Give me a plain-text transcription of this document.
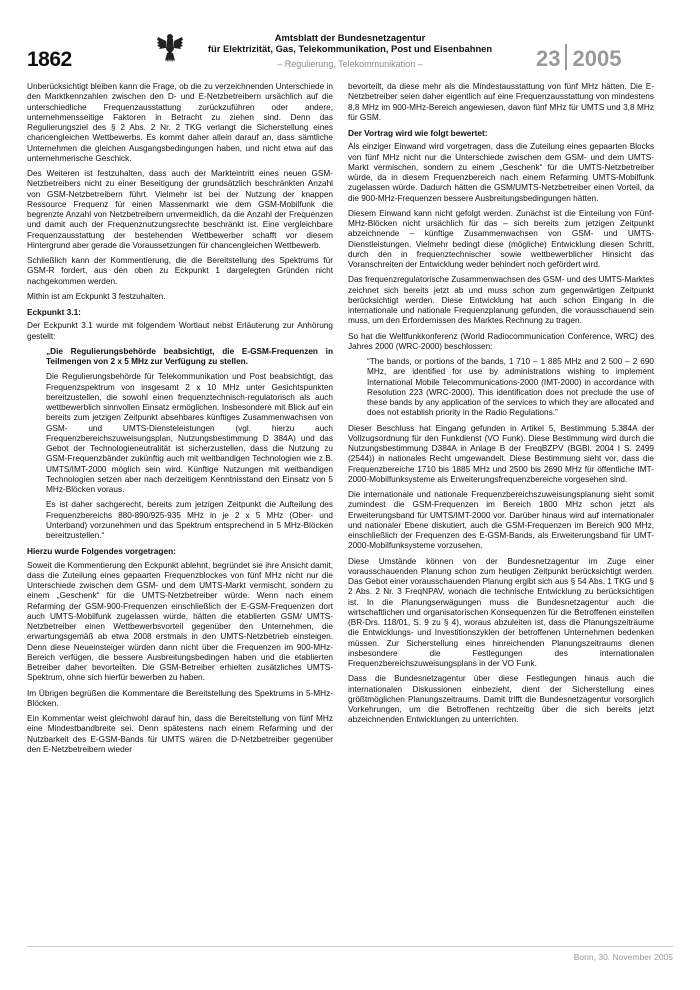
1862
Amtsblatt der Bundesnetzagentur
für Elektrizität, Gas, Telekommunikation, Post und Eisenbahnen
– Regulierung, Telekommunikation –	23 2005

Unberücksichtigt bleiben kann die Frage, ob die zu verzeichnenden Unterschiede in den Marktkennzahlen zwischen den D- und E-Netzbetreibern ursächlich auf die unterschiedliche Frequenzausstattung zurückzuführen oder andere, unternehmensseitige Faktoren in Betracht zu ziehen sind. Denn das Regulierungsziel des § 2 Abs. 2 Nr. 2 TKG verlangt die Sicherstellung eines chancengleichen Wettbewerbs. Es kommt daher allein darauf an, dass sämtliche Unternehmen die gleichen Ausgangsbedingungen haben, und nicht etwa auf das unternehmerische Geschick.

Des Weiteren ist festzuhalten, dass auch der Markteintritt eines neuen GSM-Netzbetreibers nicht zu einer Beseitigung der grundsätzlich beschränkten Anzahl von GSM-Netzbetreibern führt. Vielmehr ist bei der Nutzung der knappen Ressource Frequenz für einen Massenmarkt wie dem GSM-Mobilfunk die begrenzte Anzahl von Netzbetreibern unvermeidlich, da die Anzahl der Frequenzen und damit auch der Frequenznutzungsrechte beschränkt ist. Eine vergleichbare Frequenzausstattung der bestehenden Wettbewerber schafft vor diesem Hintergrund aber gerade die Voraussetzungen für chancengleichen Wettbewerb.

Schließlich kann der Kommentierung, die die Bereitstellung des Spektrums für GSM-R fordert, aus den oben zu Eckpunkt 1 dargelegten Gründen nicht nachgekommen werden.

Mithin ist am Eckpunkt 3 festzuhalten.

Eckpunkt 3.1:

Der Eckpunkt 3.1 wurde mit folgendem Wortlaut nebst Erläuterung zur Anhörung gestellt:

„Die Regulierungsbehörde beabsichtigt, die E-GSM-Frequenzen in Teilmengen von 2 x 5 MHz zur Verfügung zu stellen.

Die Regulierungsbehörde für Telekommunikation und Post beabsichtigt, das Frequenzspektrum von insgesamt 2 x 10 MHz unter Gesichtspunkten bereitzustellen, die sowohl einen frequenztechnisch-regulatorisch als auch wettbewerblich sinnvollen Einsatz ermöglichen. Insbesondere mit Blick auf ein bereits zum jetzigen Zeitpunkt absehbares künftiges Zusammenwachsen von GSM- und UMTS-Diensteleistungen (vgl. hierzu auch Frequenzbereichszuweisungsplan, Nutzungsbestimmung D 384A) und das Gebot der Technologieneutralität ist sicherzustellen, dass die Nutzung zu GSM-Frequenzbänder zukünftig auch mit weitbandigen Technologien wie z.B. UMTS/IMT-2000 möglich sein wird. Künftige Nutzungen mit weitbandigen Technologien setzen aber nach derzeitigem Kenntnisstand den Einsatz von 5 MHz-Blöcken voraus.

Es ist daher sachgerecht, bereits zum jetzigen Zeitpunkt die Aufteilung des Frequenzbereichs 880-890/925-935 MHz in je 2 x 5 MHz (Ober- und Unterband) vorzunehmen und das Spektrum entsprechend in 5 MHz-Blöcken bereitzustellen.“

Hierzu wurde Folgendes vorgetragen:

Soweit die Kommentierung den Eckpunkt ablehnt, begründet sie ihre Ansicht damit, dass die Zuteilung eines gepaarten Frequenzblockes von fünf MHz nicht nur die Unterschiede zwischen dem GSM- und dem UMTS-Markt vermischt, sondern zu einem „Geschenk“ für die UMTS-Netzbetreiber würde. Wenn nach einem Refarming der GSM-900-Frequenzen einschließlich der E-GSM-Frequenzen dort auch UMTS-Mobilfunk zugelassen würde, hätten die etablierten GSM/ UMTS-Netzbetreiber einen Wettbewerbsvorteil gegenüber den Unternehmen, die erwartungsgemäß ab etwa 2008 erstmals in den UMTS-Netzbetrieb einsteigen. Denn diese Neueinsteiger würden dann nicht über die Frequenzen im 900-MHz-Bereich verfügen, die bessere Ausbreitungsbedingen haben und die etablierten Betreiber daher bevorteilten. Die GSM-Betreiber erhielten zusätzliches UMTS-Spektrum, ohne sich hierfür bewerben zu haben.

Im Übrigen begrüßen die Kommentare die Bereitstellung des Spektrums in 5-MHz-Blöcken.

Ein Kommentar weist gleichwohl darauf hin, dass die Bereitstellung von fünf MHz eine Mindestbandbreite sei. Denn spätestens nach einem Refarming und der Nutzbarkeit des E-GSM-Bands für UMTS wären die D-Netzbetreiber gegenüber den E-Netzbetreibern wieder

bevorteilt, da diese mehr als die Mindestausstattung von fünf MHz hätten. Die E-Netzbetreiber seien daher eigentlich auf eine Frequenzausstattung von mindestens 8,8 MHz im 900-MHz-Bereich angewiesen, davon fünf MHz für UMTS und 3,8 MHz für GSM.

Der Vortrag wird wie folgt bewertet:

Als einziger Einwand wird vorgetragen, dass die Zuteilung eines gepaarten Blocks von fünf MHz nicht nur die Unterschiede zwischen dem GSM- und dem UMTS-Markt vermischen, sondern zu einem „Geschenk“ für die UMTS-Netzbetreiber würde, da in diesem Frequenzbereich nach einem Refarming UMTS-Mobilfunk zugelassen würde. Dadurch hätten die GSM/UMTS-Netzbetreiber einen Vorteil, da die 900-MHz-Frequenzen bessere Ausbreitungsbedingungen hätten.

Diesem Einwand kann nicht gefolgt werden. Zunächst ist die Einteilung von Fünf-MHz-Blöcken nicht ursächlich für das – sich bereits zum jetzigen Zeitpunkt abzeichnende – künftige Zusammenwachsen von GSM- und UMTS-Dienstleistungen. Vielmehr bedingt diese (mögliche) Entwicklung diesen Schritt, durch den in frequenztechnischer sowie wettbewerblicher Hinsicht das Voranschreiten der Entwicklung weder behindert noch gefördert wird.

Das frequenzregulatorische Zusammenwachsen des GSM- und des UMTS-Marktes zeichnet sich bereits jetzt ab und muss schon zum gegenwärtigen Zeitpunkt berücksichtigt werden. Diese Entwicklung hat auch schon Eingang in die internationale und nationale Frequenzplanung gefunden, die vorausschauend sein muss, um den Erfordernissen des Marktes Rechnung zu tragen.

So hat die Weltfunkkonferenz (World Radiocommunication Conference, WRC) des Jahres 2000 (WRC-2000) beschlossen:

“The bands, or portions of the bands, 1 710 – 1 885 MHz and 2 500 – 2 690 MHz, are identified for use by administrations wishing to implement International Mobile Telecommunications-2000 (IMT-2000) in accordance with Resolution 223 (WRC-2000). This identification does not preclude the use of these bands by any application of the services to which they are allocated and does not establish priority in the Radio Regulations.”

Dieser Beschluss hat Eingang gefunden in Artikel 5, Bestimmung 5.384A der Vollzugsordnung für den Funkdienst (VO Funk). Diese Bestimmung wird durch die Nutzungsbestimmung D384A in Anlage B der FreqBZPV (BGBl. 2004 I S. 2499 (2544)) in nationales Recht umgewandelt. Diese Bestimmung sieht vor, dass die Frequenzbereiche 1710 bis 1885 MHz und 2500 bis 2690 MHz für öffentliche IMT-2000-Mobilfunksysteme als Erweiterungsfrequenzbereiche vorgesehen sind.

Die internationale und nationale Frequenzbereichszuweisungsplanung sieht somit zumindest die GSM-Frequenzen im Bereich 1800 MHz schon jetzt als Erweiterungsband für UMTS/IMT-2000 vor. Darüber hinaus wird auf internationaler und nationaler Ebene diskutiert, auch die GSM-Frequenzen im Bereich 900 MHz, einschließlich der Frequenzen des E-GSM-Bands, als Erweiterungsband für UMT-2000-Mobilfunksysteme vorzusehen.

Diese Umstände können von der Bundesnetzagentur im Zuge einer vorausschauenden Planung schon zum heutigen Zeitpunkt berücksichtigt werden. Das Gebot einer vorausschauenden Planung ergibt sich aus § 54 Abs. 1 TKG und § 2 Abs. 2 Nr. 3 FreqNPAV, wonach die technische Entwicklung zu berücksichtigen ist. In die Planungserwägungen muss die Bundesnetzagentur auch die wirtschaftlichen und organisatorischen Konsequenzen für die Betroffenen einstellen (BR-Drs. 118/01, S. 9 zu § 4), woraus abzuleiten ist, dass die Planungszeiträume die Entwicklungs- und Investitionszyklen der betroffenen Unternehmen bedenken müssen. Zur Sicherstellung eines hinreichenden Planungszeitraums dienen insbesondere die Festlegungen des internationalen Frequenzbereichszuweisungsplans in der VO Funk.

Dass die Bundesnetzagentur über diese Festlegungen hinaus auch die internationalen Diskussionen einbezieht, dient der Sicherstellung eines größtmöglichen Planungszeitraums. Damit trifft die Bundesnetzagentur vorsorglich Vorkehrungen, um die Betroffenen rechtzeitig über die sich bereits jetzt abzeichnenden Entwicklungen zu unterrichten.

Bonn, 30. November 2005
